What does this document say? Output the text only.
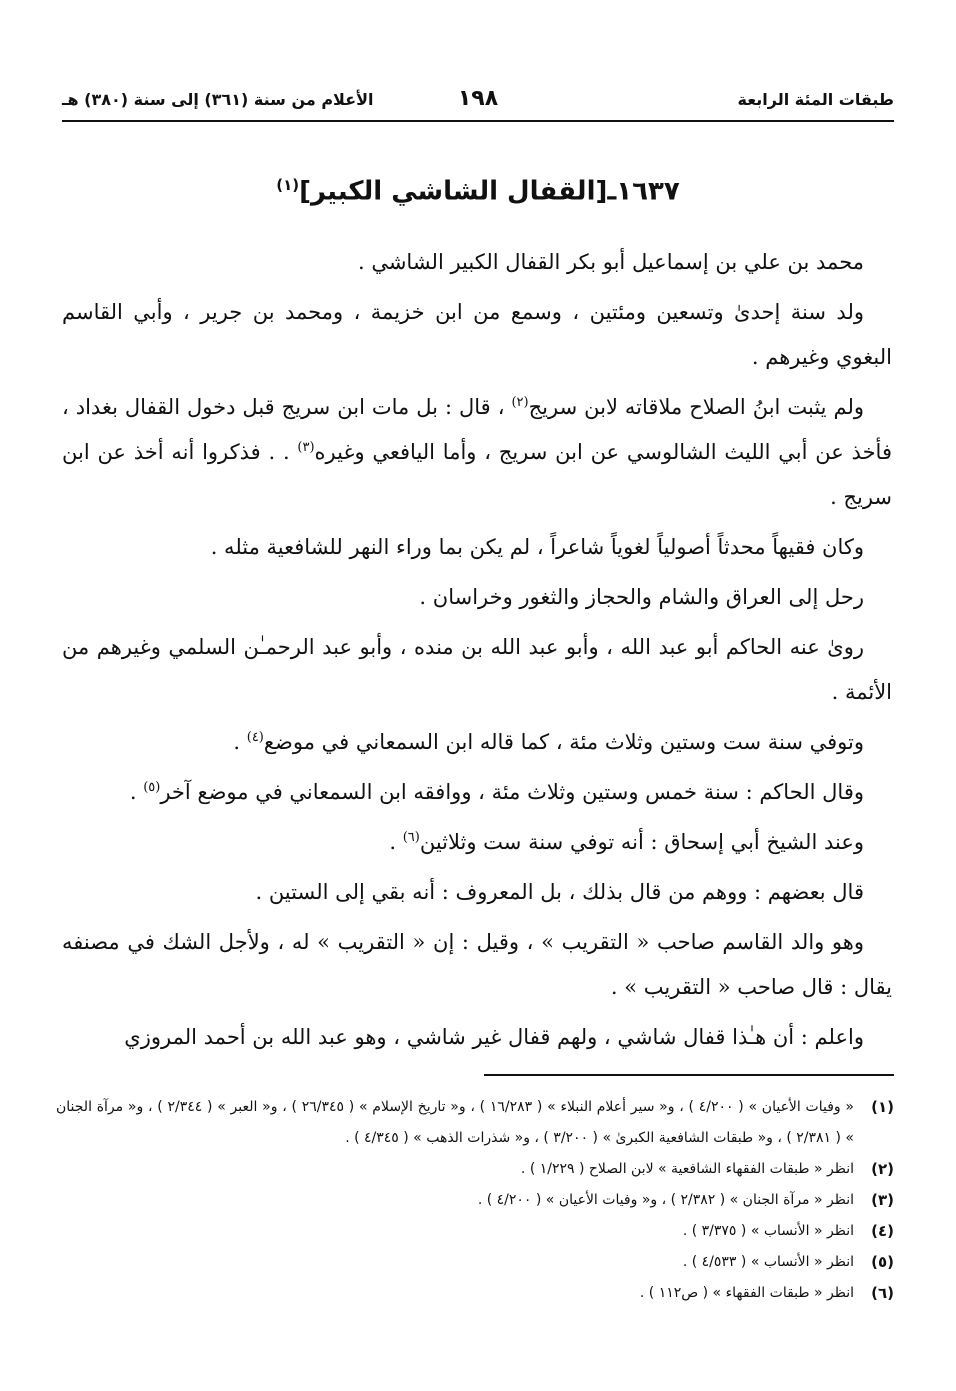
طبقات المئة الرابعة
١٩٨
الأعلام من سنة (٣٦١) إلى سنة (٣٨٠) هـ
١٦٣٧ـ[القفال الشاشي الكبير]$^{(١)}$

محمد بن علي بن إسماعيل أبو بكر القفال الكبير الشاشي .

ولد سنة إحدىٰ وتسعين ومئتين ، وسمع من ابن خزيمة ، ومحمد بن جرير ، وأبي القاسم البغوي وغيرهم .

ولم يثبت ابنُ الصلاح ملاقاته لابن سريج$^{(٢)}$ ، قال : بل مات ابن سريج قبل دخول القفال بغداد ، فأخذ عن أبي الليث الشالوسي عن ابن سريج ، وأما اليافعي وغيره$^{(٣)}$ . . فذكروا أنه أخذ عن ابن سريج .

وكان فقيهاً محدثاً أصولياً لغوياً شاعراً ، لم يكن بما وراء النهر للشافعية مثله .

رحل إلى العراق والشام والحجاز والثغور وخراسان .

روىٰ عنه الحاكم أبو عبد الله ، وأبو عبد الله بن منده ، وأبو عبد الرحمـٰن السلمي وغيرهم من الأئمة .

وتوفي سنة ست وستين وثلاث مئة ، كما قاله ابن السمعاني في موضع$^{(٤)}$ .

وقال الحاكم : سنة خمس وستين وثلاث مئة ، ووافقه ابن السمعاني في موضع آخر$^{(٥)}$ .

وعند الشيخ أبي إسحاق : أنه توفي سنة ست وثلاثين$^{(٦)}$ .

قال بعضهم : ووهم من قال بذلك ، بل المعروف : أنه بقي إلى الستين .

وهو والد القاسم صاحب « التقريب » ، وقيل : إن « التقريب » له ، ولأجل الشك في مصنفه يقال : قال صاحب « التقريب » .

واعلم : أن هـٰذا قفال شاشي ، ولهم قفال غير شاشي ، وهو عبد الله بن أحمد المروزي

(١)
« وفيات الأعيان » ( ٤/٢٠٠ ) ، و« سير أعلام النبلاء » ( ١٦/٢٨٣ ) ، و« تاريخ الإسلام » ( ٢٦/٣٤٥ ) ، و« العبر » ( ٢/٣٤٤ ) ، و« مرآة الجنان » ( ٢/٣٨١ ) ، و« طبقات الشافعية الكبرىٰ » ( ٣/٢٠٠ ) ، و« شذرات الذهب » ( ٤/٣٤٥ ) .
(٢)
انظر « طبقات الفقهاء الشافعية » لابن الصلاح ( ١/٢٢٩ ) .
(٣)
انظر « مرآة الجنان » ( ٢/٣٨٢ ) ، و« وفيات الأعيان » ( ٤/٢٠٠ ) .
(٤)
انظر « الأنساب » ( ٣/٣٧٥ ) .
(٥)
انظر « الأنساب » ( ٤/٥٣٣ ) .
(٦)
انظر « طبقات الفقهاء » ( ص١١٢ ) .
